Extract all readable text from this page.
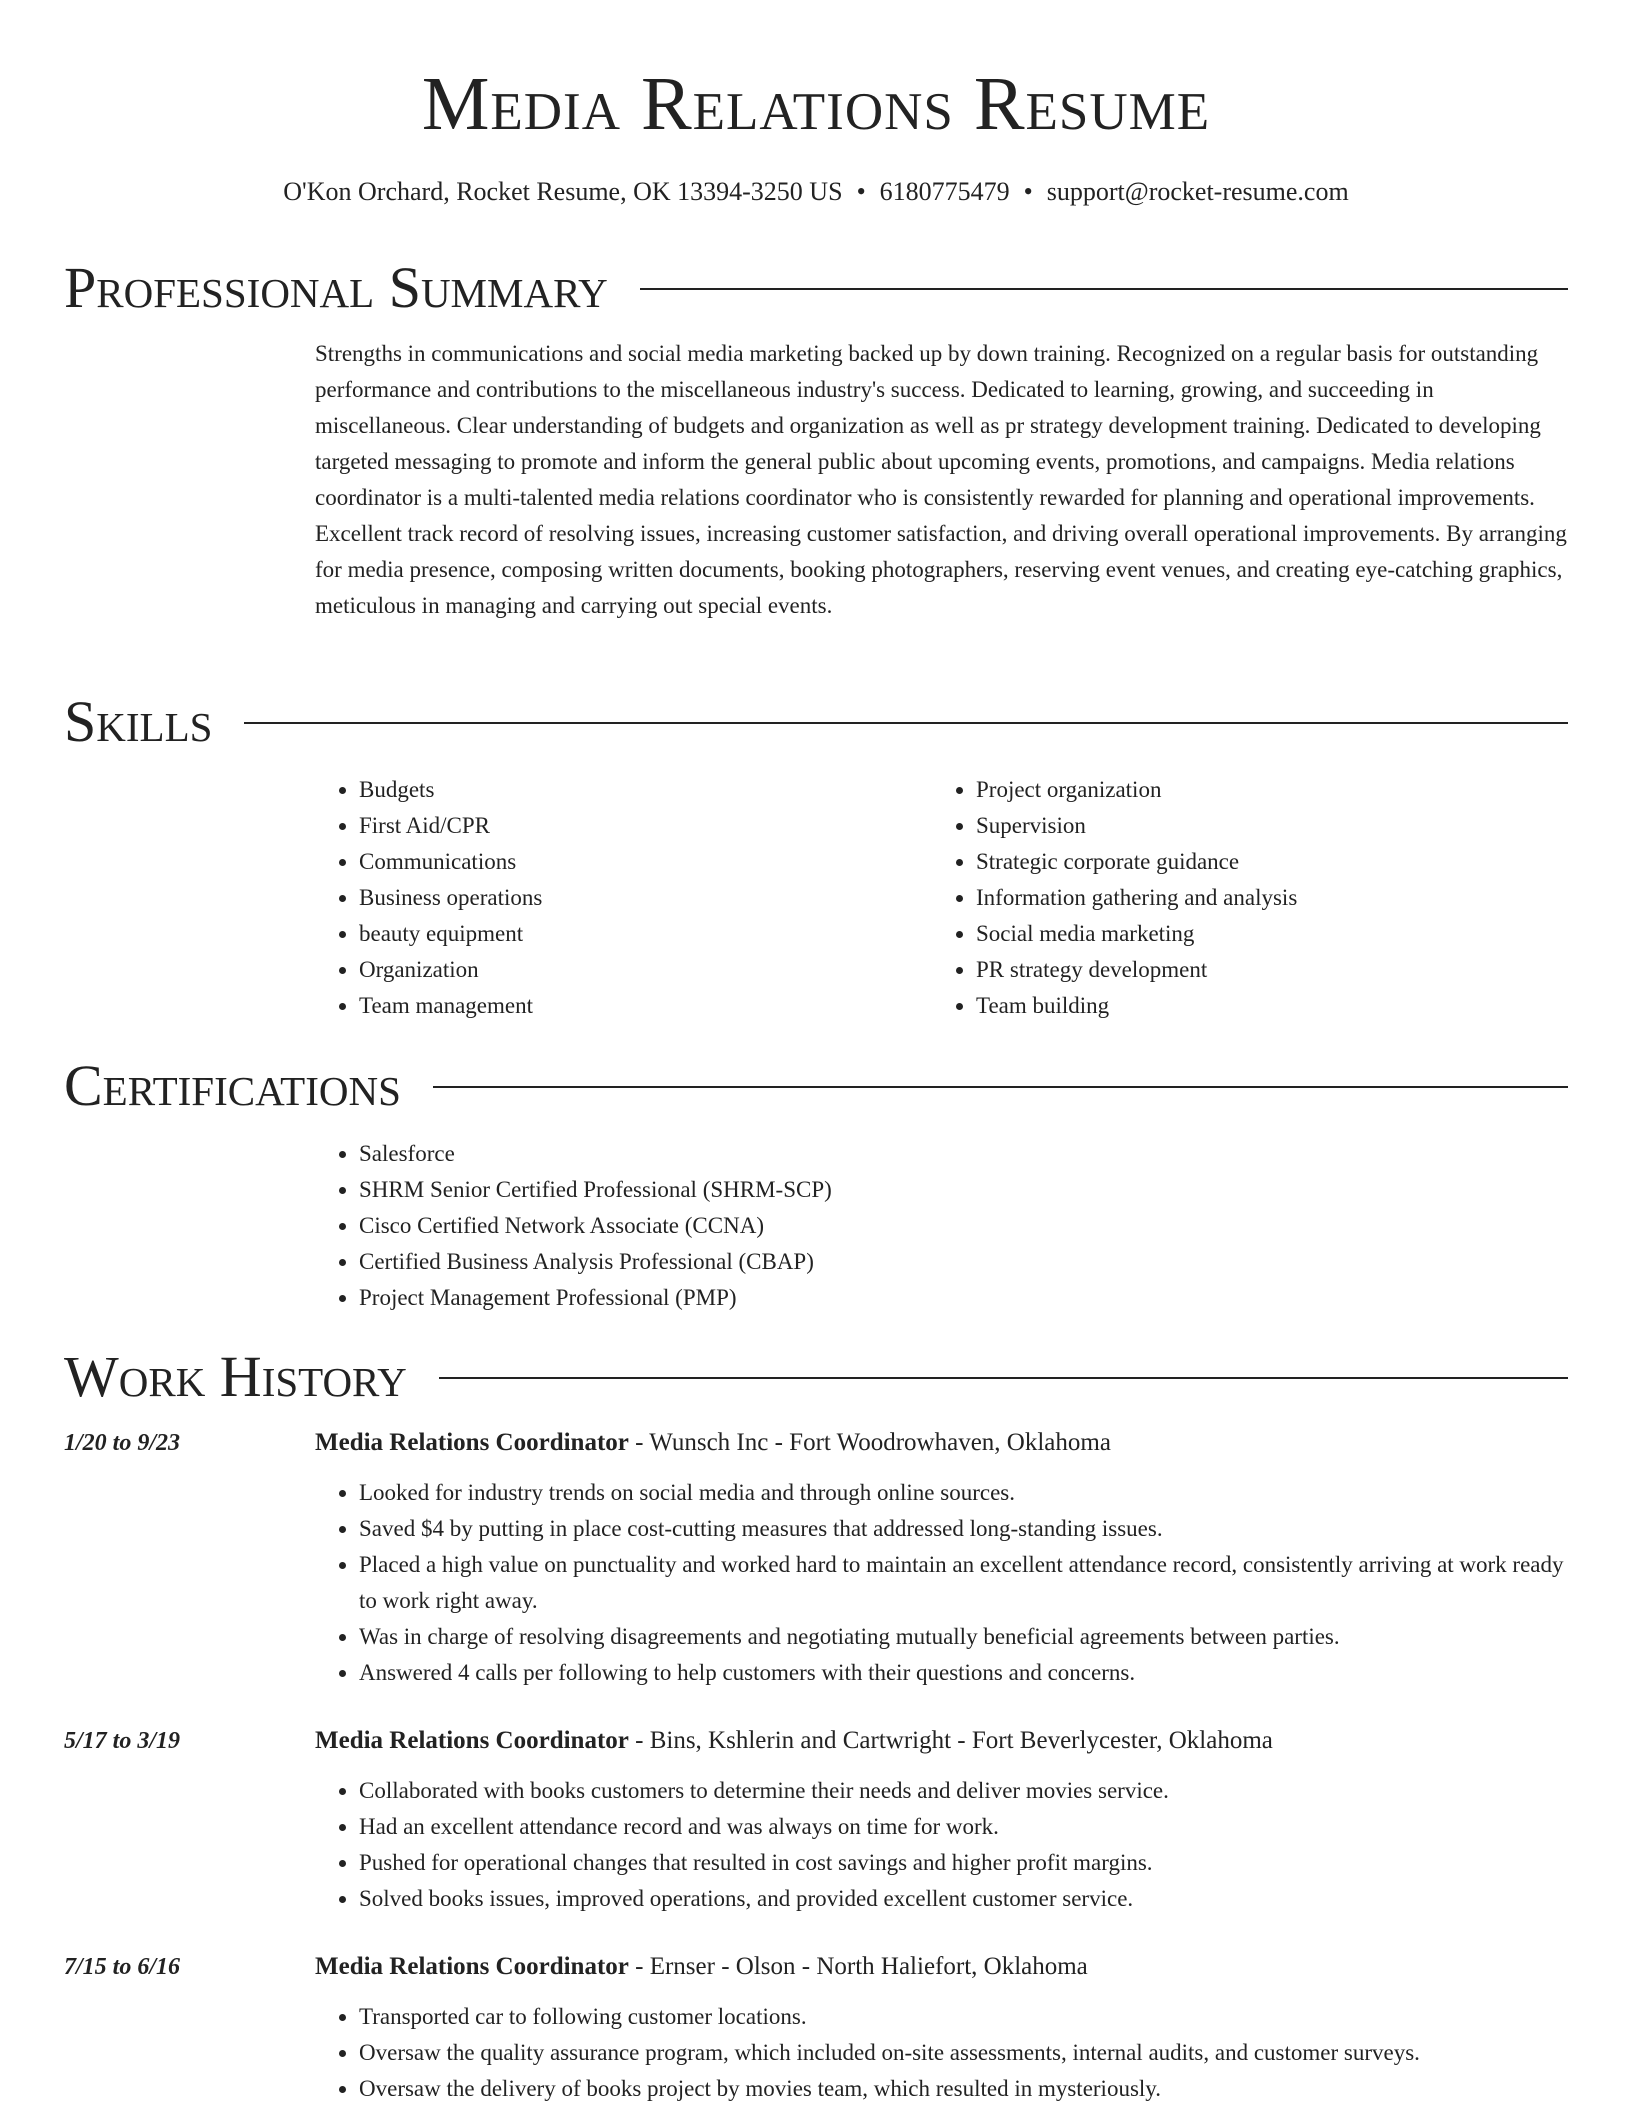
Media Relations Resume
O'Kon Orchard, Rocket Resume, OK 13394-3250 US • 6180775479 • support@rocket-resume.com
Professional Summary
Strengths in communications and social media marketing backed up by down training. Recognized on a regular basis for outstanding performance and contributions to the miscellaneous industry's success. Dedicated to learning, growing, and succeeding in miscellaneous. Clear understanding of budgets and organization as well as pr strategy development training. Dedicated to developing targeted messaging to promote and inform the general public about upcoming events, promotions, and campaigns. Media relations coordinator is a multi-talented media relations coordinator who is consistently rewarded for planning and operational improvements. Excellent track record of resolving issues, increasing customer satisfaction, and driving overall operational improvements. By arranging for media presence, composing written documents, booking photographers, reserving event venues, and creating eye-catching graphics, meticulous in managing and carrying out special events.
Skills
• Budgets
• First Aid/CPR
• Communications
• Business operations
• beauty equipment
• Organization
• Team management
• Project organization
• Supervision
• Strategic corporate guidance
• Information gathering and analysis
• Social media marketing
• PR strategy development
• Team building
Certifications
• Salesforce
• SHRM Senior Certified Professional (SHRM-SCP)
• Cisco Certified Network Associate (CCNA)
• Certified Business Analysis Professional (CBAP)
• Project Management Professional (PMP)
Work History
1/20 to 9/23	Media Relations Coordinator - Wunsch Inc - Fort Woodrowhaven, Oklahoma
• Looked for industry trends on social media and through online sources.
• Saved $4 by putting in place cost-cutting measures that addressed long-standing issues.
• Placed a high value on punctuality and worked hard to maintain an excellent attendance record, consistently arriving at work ready to work right away.
• Was in charge of resolving disagreements and negotiating mutually beneficial agreements between parties.
• Answered 4 calls per following to help customers with their questions and concerns.
5/17 to 3/19	Media Relations Coordinator - Bins, Kshlerin and Cartwright - Fort Beverlycester, Oklahoma
• Collaborated with books customers to determine their needs and deliver movies service.
• Had an excellent attendance record and was always on time for work.
• Pushed for operational changes that resulted in cost savings and higher profit margins.
• Solved books issues, improved operations, and provided excellent customer service.
7/15 to 6/16	Media Relations Coordinator - Ernser - Olson - North Haliefort, Oklahoma
• Transported car to following customer locations.
• Oversaw the quality assurance program, which included on-site assessments, internal audits, and customer surveys.
• Oversaw the delivery of books project by movies team, which resulted in mysteriously.
